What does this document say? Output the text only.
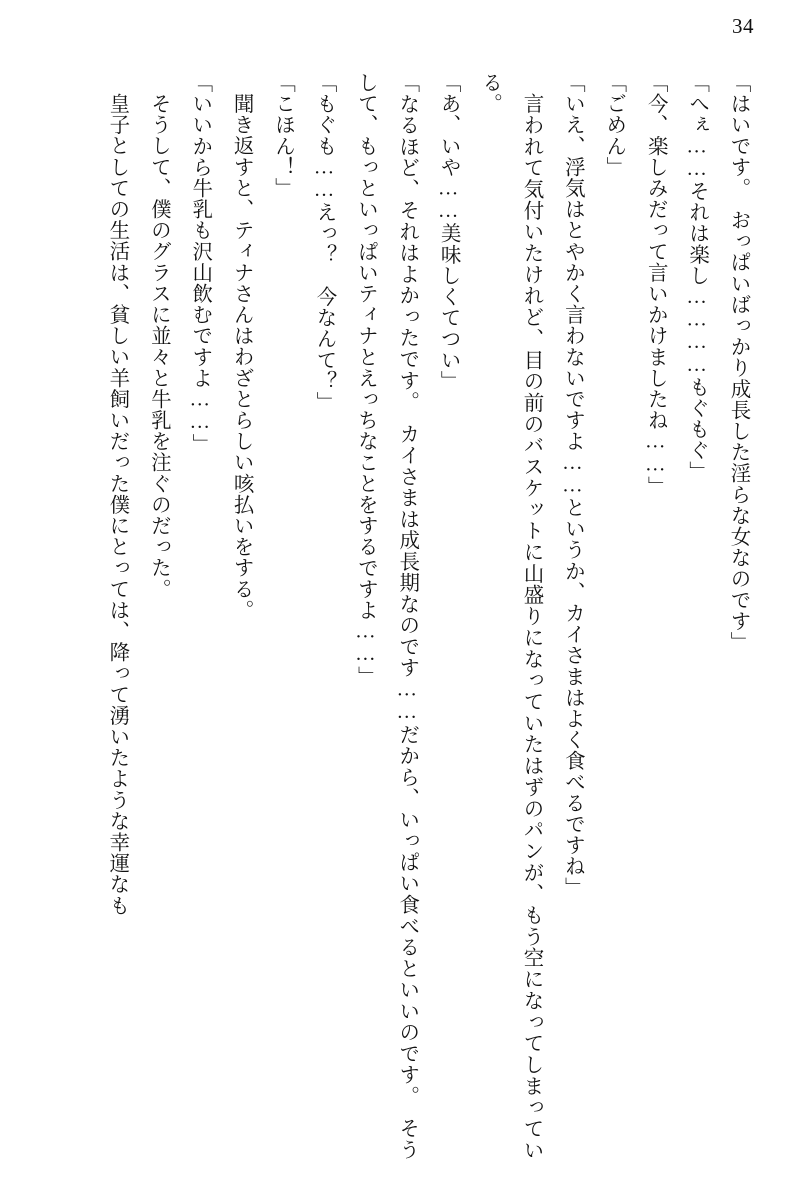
34

「はいです。　おっぱいばっかり成長した淫らな女なのです」

「へぇ……それは楽し…………もぐもぐ」

「今、楽しみだって言いかけましたね……」

「ごめん」

「いえ、浮気はとやかく言わないですよ……というか、カイさまはよく食べるですね」

言われて気付いたけれど、目の前のバスケットに山盛りになっていたはずのパンが、もう空になってしまっている。

「あ、いや……美味しくてつい」

「なるほど、それはよかったです。　カイさまは成長期なのです……だから、いっぱい食べるといいのです。　そうして、もっといっぱいティナとえっちなことをするですよ……」

「もぐも……えっ？　今なんて？」

「こほん！」

聞き返すと、ティナさんはわざとらしい咳払いをする。

「いいから牛乳も沢山飲むですよ……」

そうして、僕のグラスに並々と牛乳を注ぐのだった。

皇子としての生活は、貧しい羊飼いだった僕にとっては、降って湧いたような幸運なも
